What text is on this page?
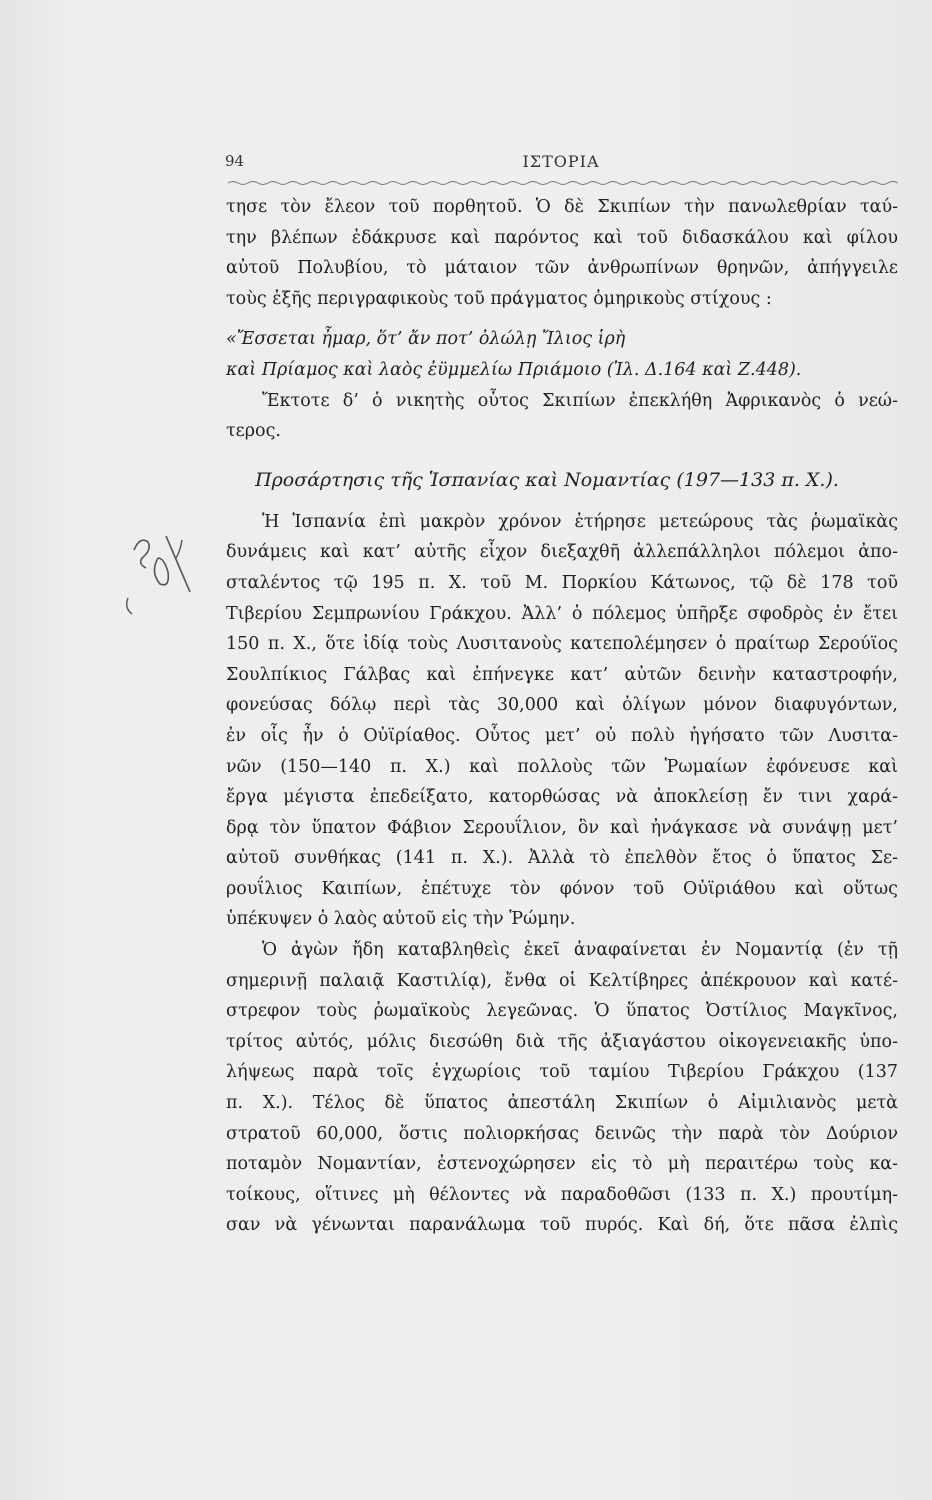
94	ΙΣΤΟΡΙΑ
τησε τὸν ἔλεον τοῦ πορθητοῦ. Ὁ δὲ Σκιπίων τὴν πανωλεθρίαν ταύ-
την βλέπων ἐδάκρυσε καὶ παρόντος καὶ τοῦ διδασκάλου καὶ φίλου
αὐτοῦ Πολυβίου, τὸ μάταιον τῶν ἀνθρωπίνων θρηνῶν, ἀπήγγειλε
τοὺς ἑξῆς περιγραφικοὺς τοῦ πράγματος ὁμηρικοὺς στίχους :
«Ἔσσεται ἦμαρ, ὅτ’ ἄν ποτ’ ὀλώλῃ Ἴλιος ἱρὴ
καὶ Πρίαμος καὶ λαὸς ἐϋμμελίω Πριάμοιο (Ἰλ. Δ.164 καὶ Ζ.448).
Ἔκτοτε δ’ ὁ νικητὴς οὗτος Σκιπίων ἐπεκλήθη Ἀφρικανὸς ὁ νεώ-
τερος.
Προσάρτησις τῆς Ἱσπανίας καὶ Νομαντίας (197—133 π. Χ.).
Ἡ Ἱσπανία ἐπὶ μακρὸν χρόνον ἐτήρησε μετεώρους τὰς ῥωμαϊκὰς
δυνάμεις καὶ κατ’ αὐτῆς εἶχον διεξαχθῆ ἀλλεπάλληλοι πόλεμοι ἀπο-
σταλέντος τῷ 195 π. Χ. τοῦ Μ. Πορκίου Κάτωνος, τῷ δὲ 178 τοῦ
Τιβερίου Σεμπρωνίου Γράκχου. Ἀλλ’ ὁ πόλεμος ὑπῆρξε σφοδρὸς ἐν ἔτει
150 π. Χ., ὅτε ἰδίᾳ τοὺς Λυσιτανοὺς κατεπολέμησεν ὁ πραίτωρ Σερούϊος
Σουλπίκιος Γάλβας καὶ ἐπήνεγκε κατ’ αὐτῶν δεινὴν καταστροφήν,
φονεύσας δόλῳ περὶ τὰς 30,000 καὶ ὀλίγων μόνον διαφυγόντων,
ἐν οἷς ἦν ὁ Οὐϊρίαθος. Οὗτος μετ’ οὐ πολὺ ἡγήσατο τῶν Λυσιτα-
νῶν (150—140 π. Χ.) καὶ πολλοὺς τῶν Ῥωμαίων ἐφόνευσε καὶ
ἔργα μέγιστα ἐπεδείξατο, κατορθώσας νὰ ἀποκλείσῃ ἔν τινι χαρά-
δρᾳ τὸν ὕπατον Φάβιον Σερουΐλιον, ὃν καὶ ἠνάγκασε νὰ συνάψῃ μετ’
αὐτοῦ συνθήκας (141 π. Χ.). Ἀλλὰ τὸ ἐπελθὸν ἔτος ὁ ὕπατος Σε-
ρουΐλιος Καιπίων, ἐπέτυχε τὸν φόνον τοῦ Οὐϊριάθου καὶ οὕτως
ὑπέκυψεν ὁ λαὸς αὐτοῦ εἰς τὴν Ῥώμην.
Ὁ ἀγὼν ἤδη καταβληθεὶς ἐκεῖ ἀναφαίνεται ἐν Νομαντίᾳ (ἐν τῇ
σημερινῇ παλαιᾷ Καστιλίᾳ), ἔνθα οἱ Κελτίβηρες ἀπέκρουον καὶ κατέ-
στρεφον τοὺς ῥωμαϊκοὺς λεγεῶνας. Ὁ ὕπατος Ὀστίλιος Μαγκῖνος,
τρίτος αὐτός, μόλις διεσώθη διὰ τῆς ἀξιαγάστου οἰκογενειακῆς ὑπο-
λήψεως παρὰ τοῖς ἐγχωρίοις τοῦ ταμίου Τιβερίου Γράκχου (137
π. Χ.). Τέλος δὲ ὕπατος ἀπεστάλη Σκιπίων ὁ Αἰμιλιανὸς μετὰ
στρατοῦ 60,000, ὅστις πολιορκήσας δεινῶς τὴν παρὰ τὸν Δούριον
ποταμὸν Νομαντίαν, ἐστενοχώρησεν εἰς τὸ μὴ περαιτέρω τοὺς κα-
τοίκους, οἵτινες μὴ θέλοντες νὰ παραδοθῶσι (133 π. Χ.) προυτίμη-
σαν νὰ γένωνται παρανάλωμα τοῦ πυρός. Καὶ δή, ὅτε πᾶσα ἐλπὶς
